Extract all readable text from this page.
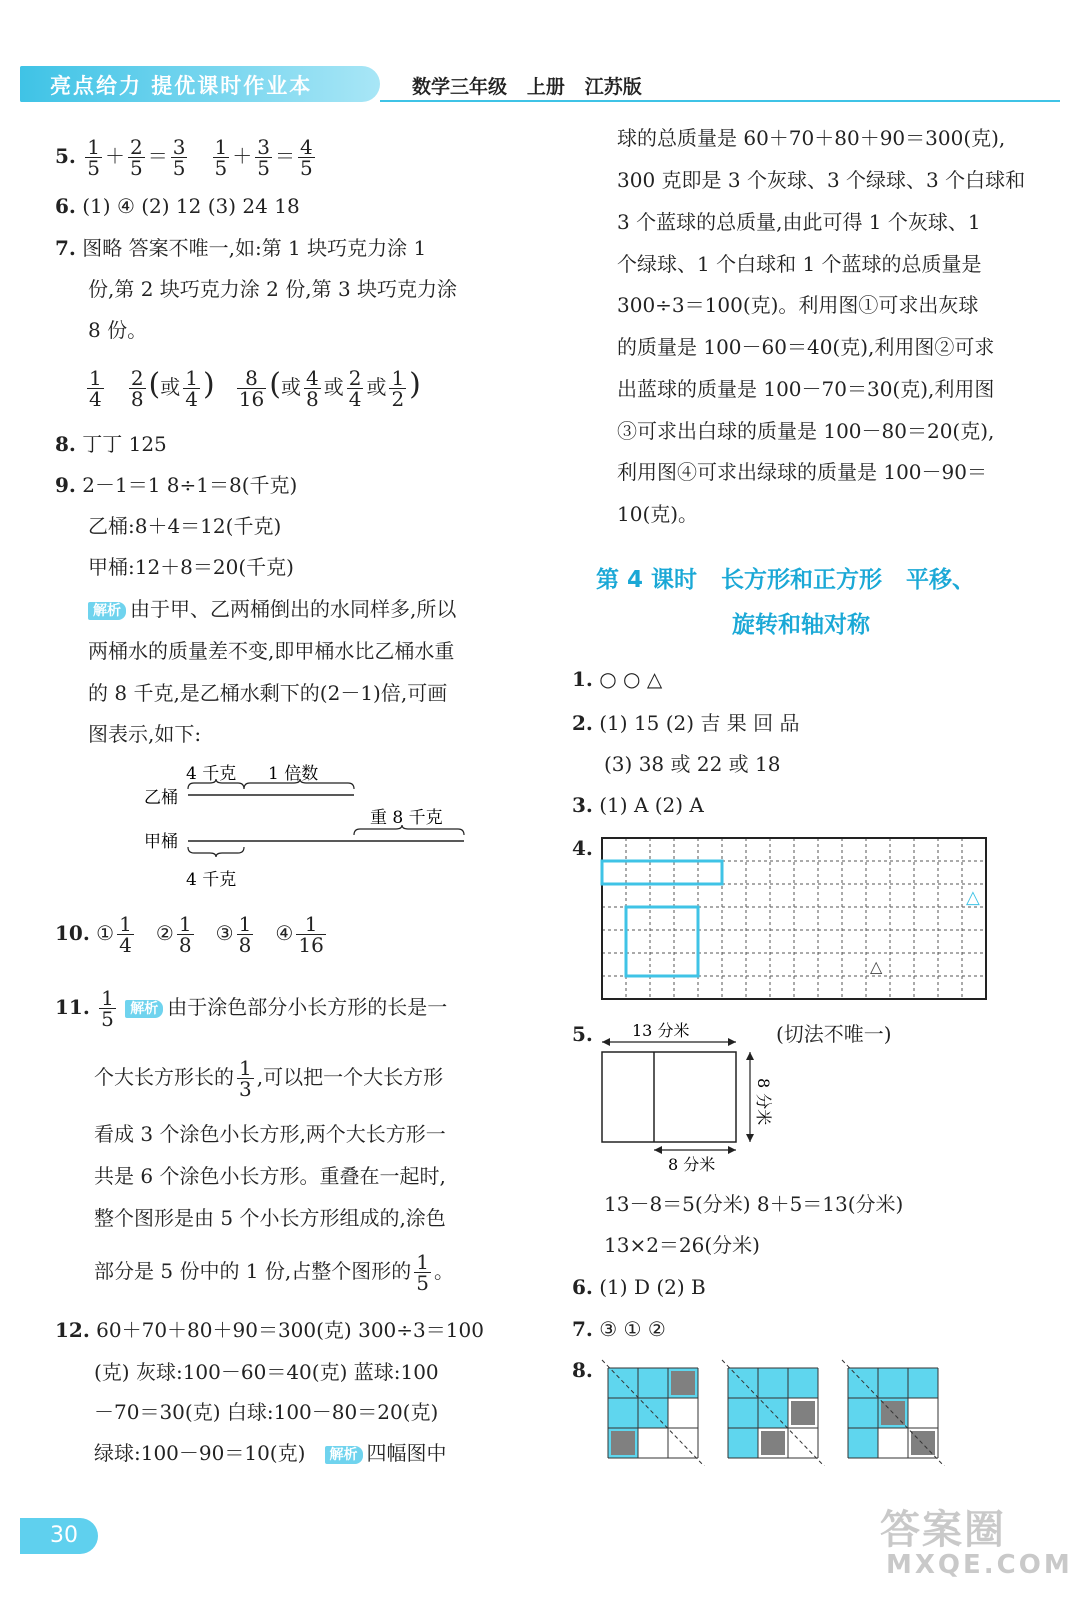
亮点给力 提优课时作业本	数学三年级   上册   江苏版
5. $\frac{1}{5} + \frac{2}{5} = \frac{3}{5}$
$\frac{1}{5} + \frac{3}{5} = \frac{4}{5}$
6. (1) ④ (2) 12 (3) 24 18
7. 图略 答案不唯一,如:第 1 块巧克力涂 1
份,第 2 块巧克力涂 2 份,第 3 块巧克力涂
8 份。
$\frac{1}{4}$
$\frac{2}{8}$ (或 $\frac{1}{4}$ ) $\frac{8}{16}$ (或 $\frac{4}{8}$ 或 $\frac{2}{4}$ 或 $\frac{1}{2}$ )
8. 丁丁 125
9. 2－1＝1 8÷1＝8(千克)
乙桶:8＋4＝12(千克)
甲桶:12＋8＝20(千克)
解析 由于甲、乙两桶倒出的水同样多,所以
两桶水的质量差不变,即甲桶水比乙桶水重
的 8 千克,是乙桶水剩下的(2－1)倍,可画
图表示,如下:
4 千克 1 倍数
乙桶
重 8 千克
甲桶
4 千克
10. ① $\frac{1}{4}$ ② $\frac{1}{8}$ ③ $\frac{1}{8}$ ④ $\frac{1}{16}$
11. $\frac{1}{5}$ 解析 由于涂色部分小长方形的长是一
个大长方形长的 $\frac{1}{3}$ ,可以把一个大长方形
看成 3 个涂色小长方形,两个大长方形一
共是 6 个涂色小长方形。重叠在一起时,
整个图形是由 5 个小长方形组成的,涂色
部分是 5 份中的 1 份,占整个图形的 $\frac{1}{5}$ 。
12. 60＋70＋80＋90＝300(克) 300÷3＝100
(克) 灰球:100－60＝40(克) 蓝球:100
－70＝30(克) 白球:100－80＝20(克)
绿球:100－90＝10(克) 解析 四幅图中
球的总质量是 60＋70＋80＋90＝300(克),
300 克即是 3 个灰球、3 个绿球、3 个白球和
3 个蓝球的总质量,由此可得 1 个灰球、1
个绿球、1 个白球和 1 个蓝球的总质量是
300÷3＝100(克)。利用图①可求出灰球
的质量是 100－60＝40(克),利用图②可求
出蓝球的质量是 100－70＝30(克),利用图
③可求出白球的质量是 100－80＝20(克),
利用图④可求出绿球的质量是 100－90＝
10(克)。
第 4 课时   长方形和正方形   平移、
旋转和轴对称
1. ○ ○ △
2. (1) 15 (2) 吉 果 回 品
(3) 38 或 22 或 18
3. (1) A (2) A
4.
△
△
5.	(切法不唯一)
13 分米
8 分米
8 分米
13－8＝5(分米) 8＋5＝13(分米)
13×2＝26(分米)
6. (1) D (2) B
7. ③ ① ②
8.
30	答案圈
MXQE.COM
